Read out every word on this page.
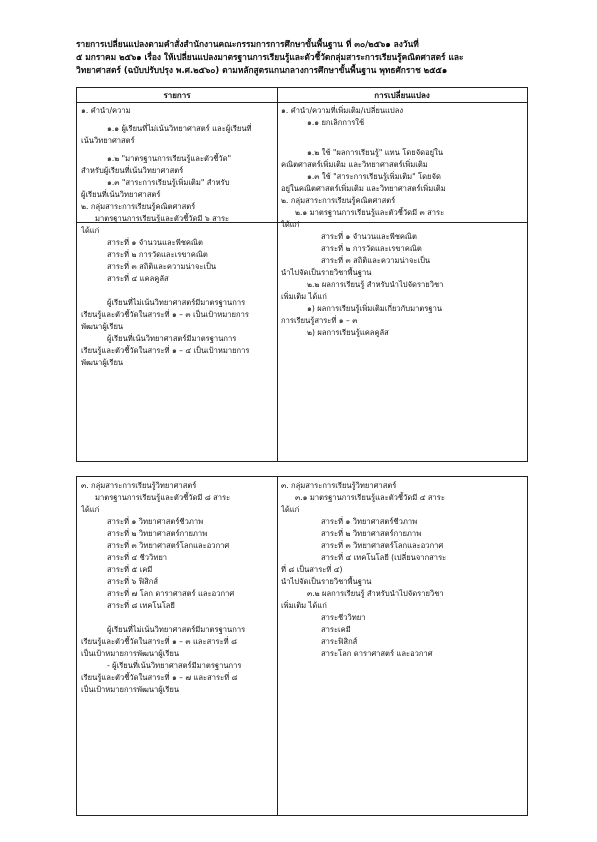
รายการเปลี่ยนแปลงตามคำสั่งสำนักงานคณะกรรมการการศึกษาขั้นพื้นฐาน ที่ ๓๐/๒๕๖๑ ลงวันที่
๕ มกราคม ๒๕๖๑ เรื่อง ให้เปลี่ยนแปลงมาตรฐานการเรียนรู้และตัวชี้วัดกลุ่มสาระการเรียนรู้คณิตศาสตร์ และ
วิทยาศาสตร์ (ฉบับปรับปรุง พ.ศ.๒๕๖๐) ตามหลักสูตรแกนกลางการศึกษาขั้นพื้นฐาน พุทธศักราช ๒๕๕๑
รายการ	การเปลี่ยนแปลง
๑. คำนำ/ความ
๑.๑ ผู้เรียนที่ไม่เน้นวิทยาศาสตร์ และผู้เรียนที่
เน้นวิทยาศาสตร์
๑.๒ "มาตรฐานการเรียนรู้และตัวชี้วัด"
สำหรับผู้เรียนที่เน้นวิทยาศาสตร์
๑.๓ "สาระการเรียนรู้เพิ่มเติม" สำหรับ
ผู้เรียนที่เน้นวิทยาศาสตร์
๒. กลุ่มสาระการเรียนรู้คณิตศาสตร์
มาตรฐานการเรียนรู้และตัวชี้วัดมี ๖ สาระ
ได้แก่
สาระที่ ๑ จำนวนและพีชคณิต
สาระที่ ๒ การวัดและเรขาคณิต
สาระที่ ๓ สถิติและความน่าจะเป็น
สาระที่ ๔ แคลคูลัส
ผู้เรียนที่ไม่เน้นวิทยาศาสตร์มีมาตรฐานการ
เรียนรู้และตัวชี้วัดในสาระที่ ๑ – ๓ เป็นเป้าหมายการ
พัฒนาผู้เรียน
ผู้เรียนที่เน้นวิทยาศาสตร์มีมาตรฐานการ
เรียนรู้และตัวชี้วัดในสาระที่ ๑ – ๔ เป็นเป้าหมายการ
พัฒนาผู้เรียน
๑. คำนำ/ความที่เพิ่มเติม/เปลี่ยนแปลง
๑.๑ ยกเลิกการใช้
๑.๒ ใช้ "ผลการเรียนรู้" แทน โดยจัดอยู่ใน
คณิตศาสตร์เพิ่มเติม และวิทยาศาสตร์เพิ่มเติม
๑.๓ ใช้ "สาระการเรียนรู้เพิ่มเติม" โดยจัด
อยู่ในคณิตศาสตร์เพิ่มเติม และวิทยาศาสตร์เพิ่มเติม
๒. กลุ่มสาระการเรียนรู้คณิตศาสตร์
๒.๑ มาตรฐานการเรียนรู้และตัวชี้วัดมี ๓ สาระ
ได้แก่
สาระที่ ๑ จำนวนและพีชคณิต
สาระที่ ๒ การวัดและเรขาคณิต
สาระที่ ๓ สถิติและความน่าจะเป็น
นำไปจัดเป็นรายวิชาพื้นฐาน
๒.๒ ผลการเรียนรู้ สำหรับนำไปจัดรายวิชา
เพิ่มเติม ได้แก่
๑) ผลการเรียนรู้เพิ่มเติมเกี่ยวกับมาตรฐาน
การเรียนรู้สาระที่ ๑ – ๓
๒) ผลการเรียนรู้แคลคูลัส
๓. กลุ่มสาระการเรียนรู้วิทยาศาสตร์
มาตรฐานการเรียนรู้และตัวชี้วัดมี ๘ สาระ
ได้แก่
สาระที่ ๑ วิทยาศาสตร์ชีวภาพ
สาระที่ ๒ วิทยาศาสตร์กายภาพ
สาระที่ ๓ วิทยาศาสตร์โลกและอวกาศ
สาระที่ ๔ ชีววิทยา
สาระที่ ๕ เคมี
สาระที่ ๖ ฟิสิกส์
สาระที่ ๗ โลก ดาราศาสตร์ และอวกาศ
สาระที่ ๘ เทคโนโลยี
ผู้เรียนที่ไม่เน้นวิทยาศาสตร์มีมาตรฐานการ
เรียนรู้และตัวชี้วัดในสาระที่ ๑ – ๓ และสาระที่ ๘
เป็นเป้าหมายการพัฒนาผู้เรียน
- ผู้เรียนที่เน้นวิทยาศาสตร์มีมาตรฐานการ
เรียนรู้และตัวชี้วัดในสาระที่ ๑ – ๗ และสาระที่ ๘
เป็นเป้าหมายการพัฒนาผู้เรียน
๓. กลุ่มสาระการเรียนรู้วิทยาศาสตร์
๓.๑ มาตรฐานการเรียนรู้และตัวชี้วัดมี ๔ สาระ
ได้แก่
สาระที่ ๑ วิทยาศาสตร์ชีวภาพ
สาระที่ ๒ วิทยาศาสตร์กายภาพ
สาระที่ ๓ วิทยาศาสตร์โลกและอวกาศ
สาระที่ ๔ เทคโนโลยี (เปลี่ยนจากสาระ
ที่ ๘ เป็นสาระที่ ๔)
นำไปจัดเป็นรายวิชาพื้นฐาน
๓.๒ ผลการเรียนรู้ สำหรับนำไปจัดรายวิชา
เพิ่มเติม ได้แก่
สาระชีววิทยา
สาระเคมี
สาระฟิสิกส์
สาระโลก ดาราศาสตร์ และอวกาศ
